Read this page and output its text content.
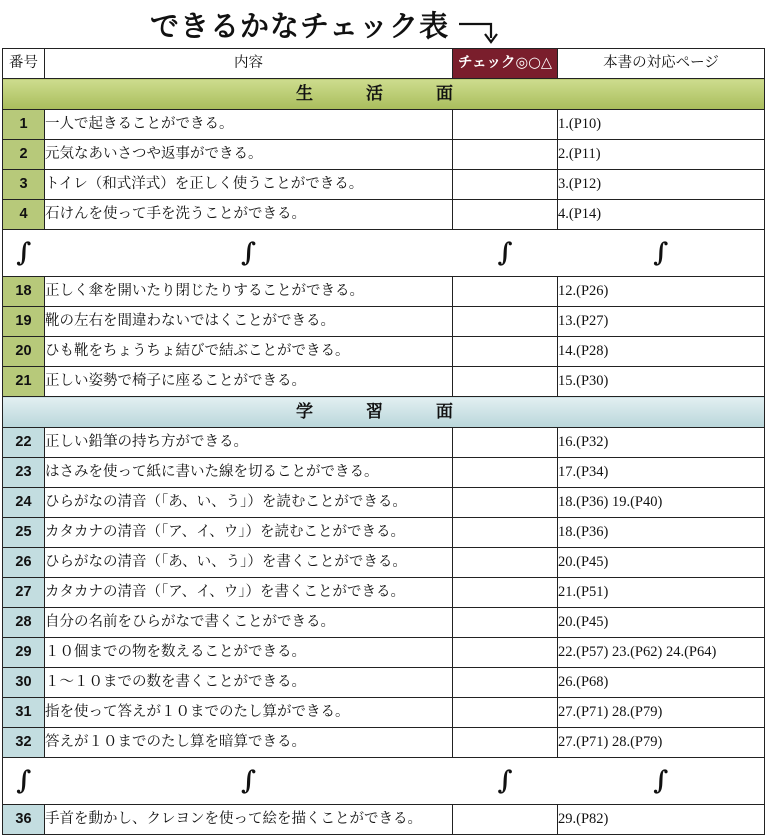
できるかなチェック表
番号	内容	チェック◎○△	本書の対応ページ
生　活　面			
1	一人で起きることができる。		1.(P10)
2	元気なあいさつや返事ができる。		2.(P11)
3	トイレ（和式洋式）を正しく使うことができる。		3.(P12)
4	石けんを使って手を洗うことができる。		4.(P14)
∫	∫	∫	∫
18	正しく傘を開いたり閉じたりすることができる。		12.(P26)
19	靴の左右を間違わないではくことができる。		13.(P27)
20	ひも靴をちょうちょ結びで結ぶことができる。		14.(P28)
21	正しい姿勢で椅子に座ることができる。		15.(P30)
学　習　面			
22	正しい鉛筆の持ち方ができる。		16.(P32)
23	はさみを使って紙に書いた線を切ることができる。		17.(P34)
24	ひらがなの清音（「あ、い、う」）を読むことができる。		18.(P36) 19.(P40)
25	カタカナの清音（「ア、イ、ウ」）を読むことができる。		18.(P36)
26	ひらがなの清音（「あ、い、う」）を書くことができる。		20.(P45)
27	カタカナの清音（「ア、イ、ウ」）を書くことができる。		21.(P51)
28	自分の名前をひらがなで書くことができる。		20.(P45)
29	１０個までの物を数えることができる。		22.(P57) 23.(P62) 24.(P64)
30	１～１０までの数を書くことができる。		26.(P68)
31	指を使って答えが１０までのたし算ができる。		27.(P71) 28.(P79)
32	答えが１０までのたし算を暗算できる。		27.(P71) 28.(P79)
∫	∫	∫	∫
36	手首を動かし、クレヨンを使って絵を描くことができる。		29.(P82)
